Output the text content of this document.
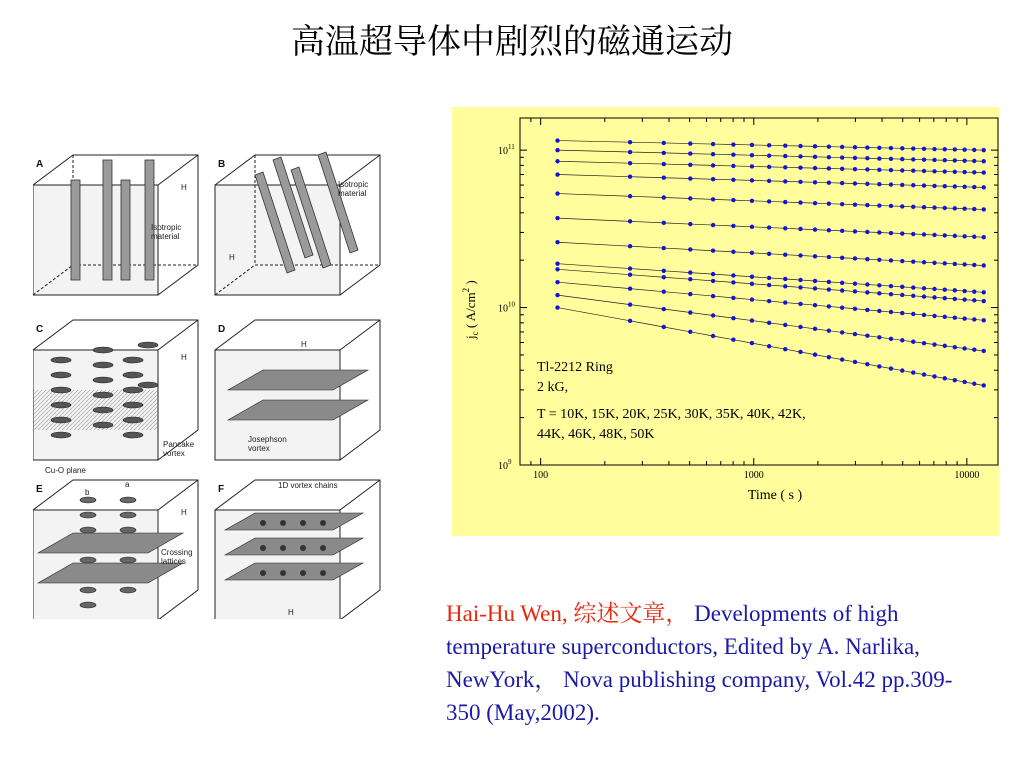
高温超导体中剧烈的磁通运动
A
H
Isotropic
material
B
Isotropic
material
H
C
H
Pancake
vortex
Cu-O plane
D
H
Josephson
vortex
E	b
a
H
Crossing
lattices
F	1D vortex chains
H
100	1000	10000
$10^9$
$10^{10}$
$10^{11}$
Time ( s )
$j_c$ ( $A/cm^2$ )
Tl-2212 Ring
2 kG,
T = 10K, 15K, 20K, 25K, 30K, 35K, 40K, 42K,
44K, 46K, 48K, 50K
Hai-Hu Wen, 综述文章， Developments of high temperature superconductors, Edited by A. Narlika, NewYork， Nova publishing company, Vol.42 pp.309-350 (May,2002).
